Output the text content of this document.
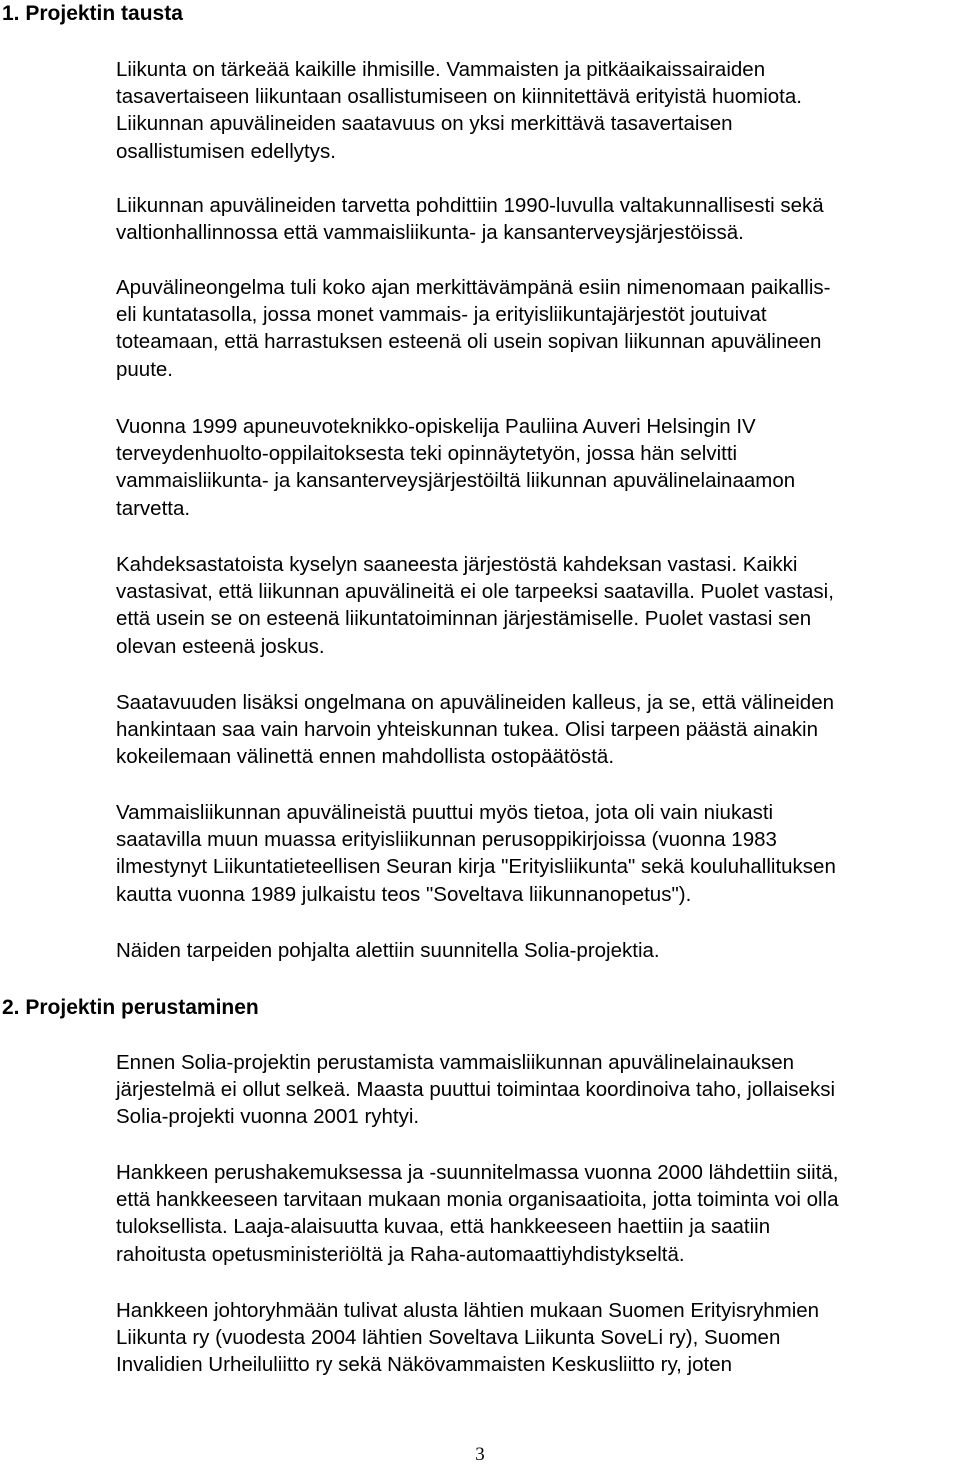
1. Projektin tausta
Liikunta on tärkeää kaikille ihmisille. Vammaisten ja pitkäaikaissairaiden
tasavertaiseen liikuntaan osallistumiseen on kiinnitettävä erityistä huomiota.
Liikunnan apuvälineiden saatavuus on yksi merkittävä tasavertaisen
osallistumisen edellytys.
Liikunnan apuvälineiden tarvetta pohdittiin 1990-luvulla valtakunnallisesti sekä
valtionhallinnossa että vammaisliikunta- ja kansanterveysjärjestöissä.
Apuvälineongelma tuli koko ajan merkittävämpänä esiin nimenomaan paikallis-
eli kuntatasolla, jossa monet vammais- ja erityisliikuntajärjestöt joutuivat
toteamaan, että harrastuksen esteenä oli usein sopivan liikunnan apuvälineen
puute.
Vuonna 1999 apuneuvoteknikko-opiskelija Pauliina Auveri Helsingin IV
terveydenhuolto-oppilaitoksesta teki opinnäytetyön, jossa hän selvitti
vammaisliikunta- ja kansanterveysjärjestöiltä liikunnan apuvälinelainaamon
tarvetta.
Kahdeksastatoista kyselyn saaneesta järjestöstä kahdeksan vastasi. Kaikki
vastasivat, että liikunnan apuvälineitä ei ole tarpeeksi saatavilla. Puolet vastasi,
että usein se on esteenä liikuntatoiminnan järjestämiselle. Puolet vastasi sen
olevan esteenä joskus.
Saatavuuden lisäksi ongelmana on apuvälineiden kalleus, ja se, että välineiden
hankintaan saa vain harvoin yhteiskunnan tukea. Olisi tarpeen päästä ainakin
kokeilemaan välinettä ennen mahdollista ostopäätöstä.
Vammaisliikunnan apuvälineistä puuttui myös tietoa, jota oli vain niukasti
saatavilla muun muassa erityisliikunnan perusoppikirjoissa (vuonna 1983
ilmestynyt Liikuntatieteellisen Seuran kirja "Erityisliikunta" sekä kouluhallituksen
kautta vuonna 1989 julkaistu teos "Soveltava liikunnanopetus").
Näiden tarpeiden pohjalta alettiin suunnitella Solia-projektia.
2. Projektin perustaminen
Ennen Solia-projektin perustamista vammaisliikunnan apuvälinelainauksen
järjestelmä ei ollut selkeä. Maasta puuttui toimintaa koordinoiva taho, jollaiseksi
Solia-projekti vuonna 2001 ryhtyi.
Hankkeen perushakemuksessa ja -suunnitelmassa vuonna 2000 lähdettiin siitä,
että hankkeeseen tarvitaan mukaan monia organisaatioita, jotta toiminta voi olla
tuloksellista. Laaja-alaisuutta kuvaa, että hankkeeseen haettiin ja saatiin
rahoitusta opetusministeriöltä ja Raha-automaattiyhdistykseltä.
Hankkeen johtoryhmään tulivat alusta lähtien mukaan Suomen Erityisryhmien
Liikunta ry (vuodesta 2004 lähtien Soveltava Liikunta SoveLi ry), Suomen
Invalidien Urheiluliitto ry sekä Näkövammaisten Keskusliitto ry, joten
3
